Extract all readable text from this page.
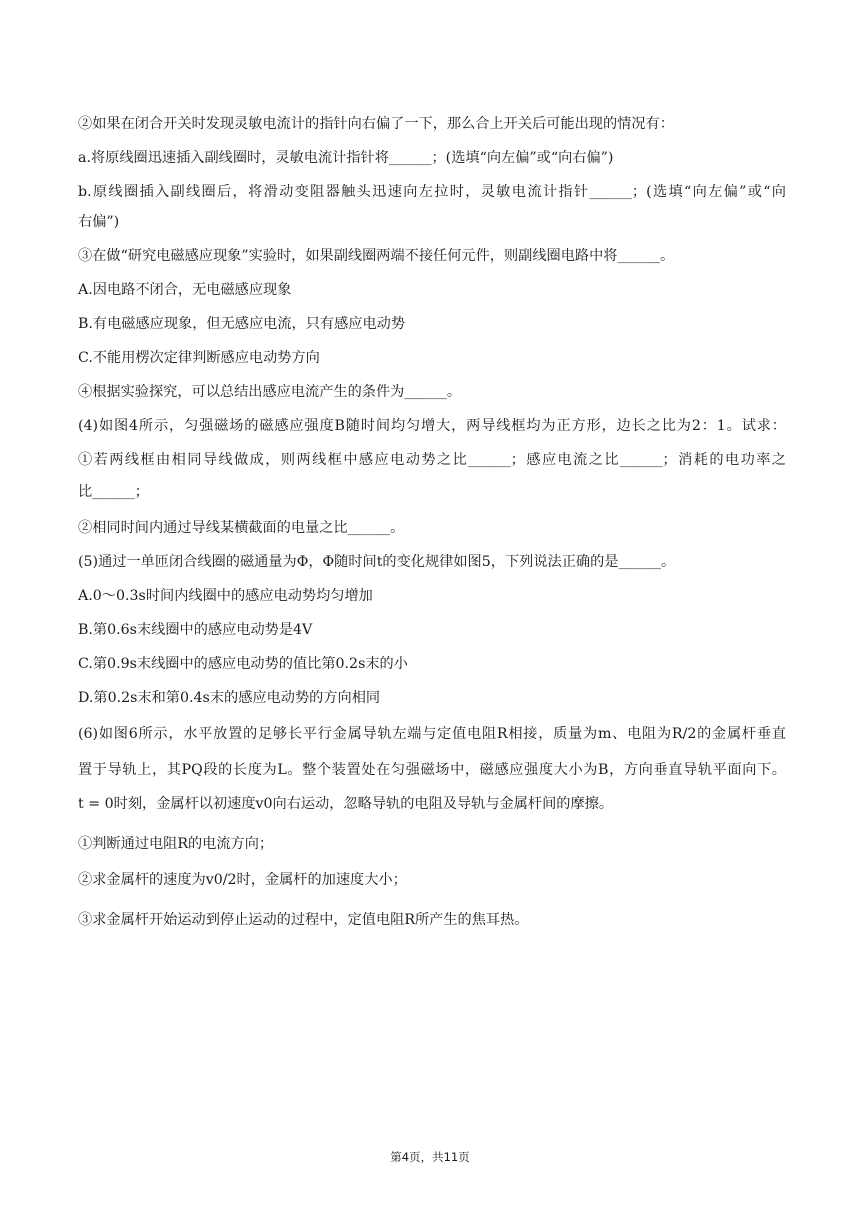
②如果在闭合开关时发现灵敏电流计的指针向右偏了一下，那么合上开关后可能出现的情况有：
a.将原线圈迅速插入副线圈时，灵敏电流计指针将______；(选填“向左偏”或“向右偏”)
b.原线圈插入副线圈后，将滑动变阻器触头迅速向左拉时，灵敏电流计指针______；(选填“向左偏”或“向
右偏”)
③在做“研究电磁感应现象”实验时，如果副线圈两端不接任何元件，则副线圈电路中将______。
A.因电路不闭合，无电磁感应现象
B.有电磁感应现象，但无感应电流，只有感应电动势
C.不能用楞次定律判断感应电动势方向
④根据实验探究，可以总结出感应电流产生的条件为______。
(4)如图4所示，匀强磁场的磁感应强度B随时间均匀增大，两导线框均为正方形，边长之比为2：1。试求：
①若两线框由相同导线做成，则两线框中感应电动势之比______；感应电流之比______；消耗的电功率之
比______；
②相同时间内通过导线某横截面的电量之比______。
(5)通过一单匝闭合线圈的磁通量为Φ，Φ随时间t的变化规律如图5，下列说法正确的是______。
A.0～0.3s时间内线圈中的感应电动势均匀增加
B.第0.6s末线圈中的感应电动势是4V
C.第0.9s末线圈中的感应电动势的值比第0.2s末的小
D.第0.2s末和第0.4s末的感应电动势的方向相同
(6)如图6所示，水平放置的足够长平行金属导轨左端与定值电阻R相接，质量为m、电阻为R/2的金属杆垂直
置于导轨上，其PQ段的长度为L。整个装置处在匀强磁场中，磁感应强度大小为B，方向垂直导轨平面向下。
t = 0时刻，金属杆以初速度v0向右运动，忽略导轨的电阻及导轨与金属杆间的摩擦。
①判断通过电阻R的电流方向；
②求金属杆的速度为v0/2时，金属杆的加速度大小；
③求金属杆开始运动到停止运动的过程中，定值电阻R所产生的焦耳热。
第4页，共11页
